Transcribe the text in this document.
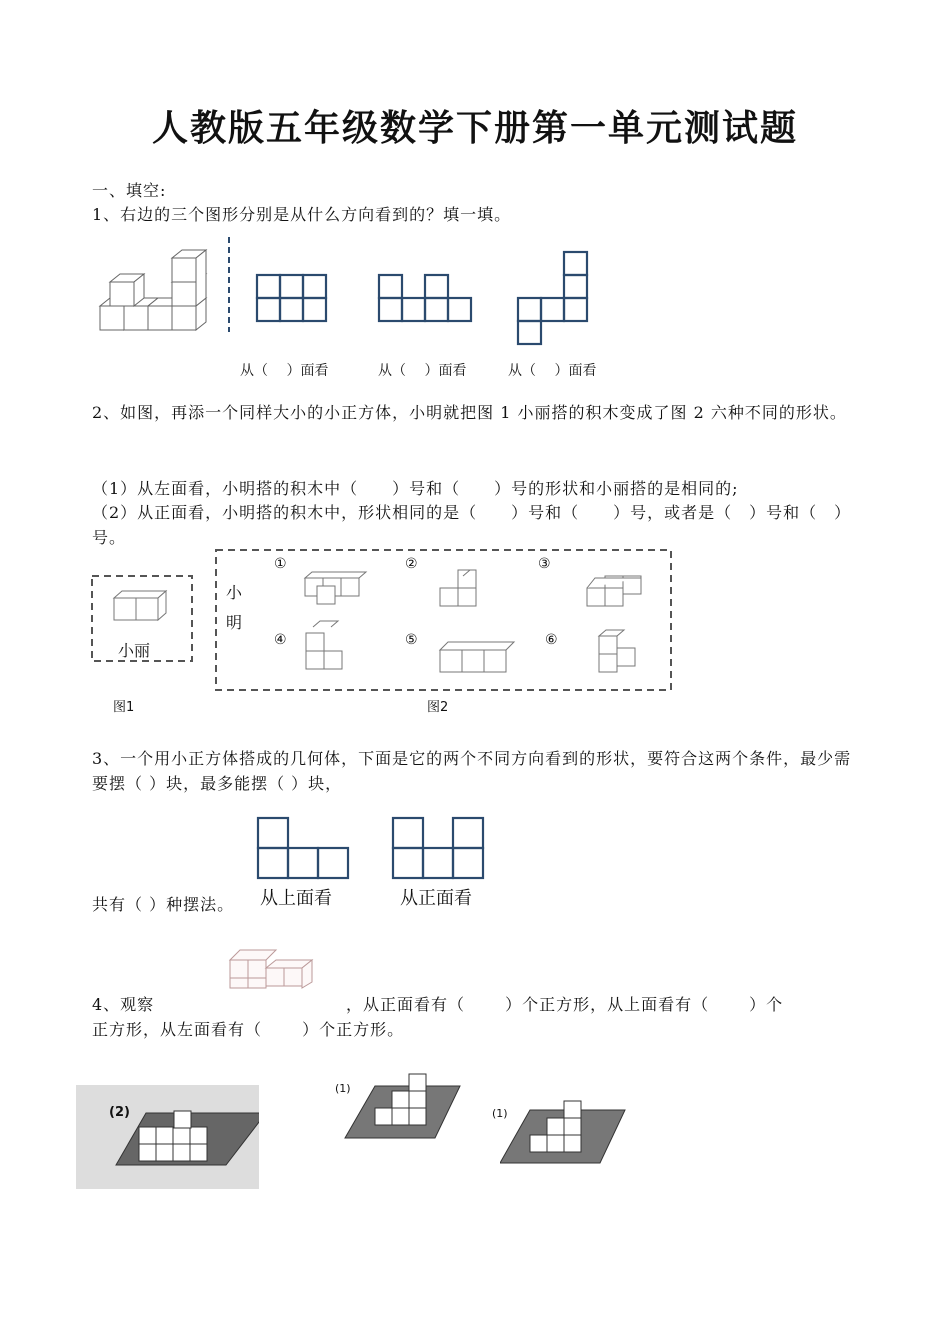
人教版五年级数学下册第一单元测试题
一、填空:
1、右边的三个图形分别是从什么方向看到的？填一填。
从（　 ）面看	从（　 ）面看	从（　 ）面看
2、如图，再添一个同样大小的小正方体，小明就把图 1 小丽搭的积木变成了图 2 六种不同的形状。
（1）从左面看，小明搭的积木中（　　）号和（　　）号的形状和小丽搭的是相同的;
（2）从正面看，小明搭的积木中，形状相同的是（　　）号和（　　）号，或者是（　）号和（　）号。
小丽
小明
图1	图2
①	②	③
④	⑤	⑥
3、一个用小正方体搭成的几何体，下面是它的两个不同方向看到的形状，要符合这两个条件，最少需要摆（ ）块，最多能摆（ ）块，
从上面看	从正面看
共有（ ）种摆法。
4、观察	，从正面看有（　　 ）个正方形，从上面看有（　　 ）个
正方形，从左面看有（　　 ）个正方形。
(2)
(1)
(1)
